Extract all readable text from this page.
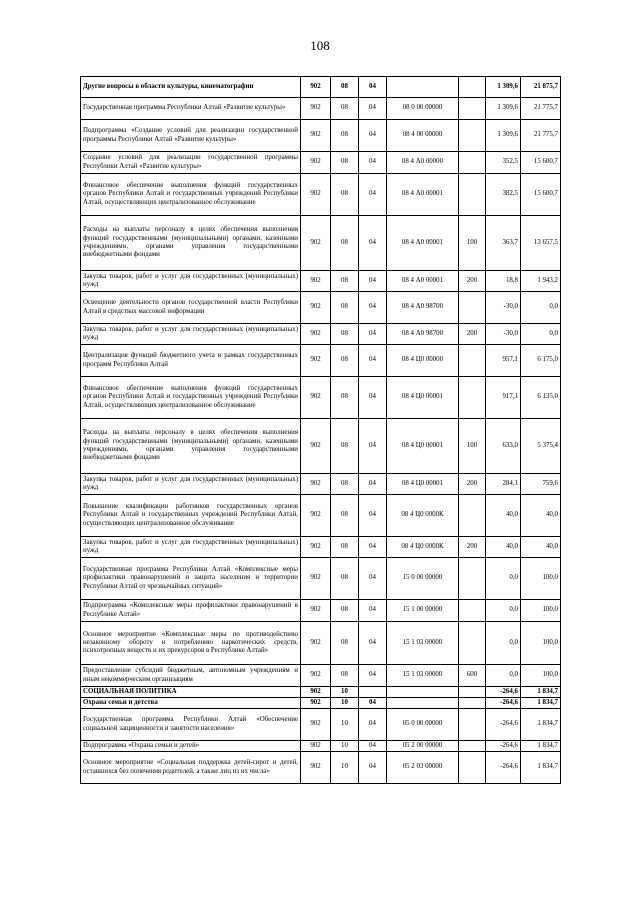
108
Другие вопросы в области культуры, кинематографии	902	08	04			1 309,6	21 875,7
Государственная программа Республики Алтай «Развитие культуры»	902	08	04	08 0 00 00000		1 309,6	21 775,7
Подпрограмма «Создание условий для реализации государственной программы Республики Алтай «Развитие культуры»	902	08	04	08 4 00 00000		1 309,6	21 775,7
Создание условий для реализации государственной программы Республики Алтай «Развитие культуры»	902	08	04	08 4 А0 00000		352,5	15 600,7
Финансовое обеспечение выполнения функций государственных органов Республики Алтай и государственных учреждений Республики Алтай, осуществляющих централизованное обслуживание	902	08	04	08 4 А0 00001		382,5	15 600,7
Расходы на выплаты персоналу в целях обеспечения выполнения функций государственными (муниципальными) органами, казенными учреждениями, органами управления государственными внебюджетными фондами	902	08	04	08 4 А0 00001	100	363,7	13 657,5
Закупка товаров, работ и услуг для государственных (муниципальных) нужд	902	08	04	08 4 А0 00001	200	18,8	1 943,2
Освещение деятельности органов государственной власти Республики Алтай в средствах массовой информации	902	08	04	08 4 А0 98700		-30,0	0,0
Закупка товаров, работ и услуг для государственных (муниципальных) нужд	902	08	04	08 4 А0 98700	200	-30,0	0,0
Централизация функций бюджетного учета в рамках государственных программ Республики Алтай	902	08	04	08 4 Ц0 00000		957,1	6 175,0
Финансовое обеспечение выполнения функций государственных органов Республики Алтай и государственных учреждений Республики Алтай, осуществляющих централизованное обслуживание	902	08	04	08 4 Ц0 00001		917,1	6 135,0
Расходы на выплаты персоналу в целях обеспечения выполнения функций государственными (муниципальными) органами, казенными учреждениями, органами управления государственными внебюджетными фондами	902	08	04	08 4 Ц0 00001	100	633,0	5 375,4
Закупка товаров, работ и услуг для государственных (муниципальных) нужд	902	08	04	08 4 Ц0 00001	200	284,1	759,6
Повышение квалификации работников государственных органов Республики Алтай и государственных учреждений Республики Алтай, осуществляющих централизованное обслуживание	902	08	04	08 4 Ц0 0000К		40,0	40,0
Закупка товаров, работ и услуг для государственных (муниципальных) нужд	902	08	04	08 4 Ц0 0000К	200	40,0	40,0
Государственная программа Республики Алтай «Комплексные меры профилактики правонарушений и защита населения и территории Республики Алтай от чрезвычайных ситуаций»	902	08	04	15 0 00 00000		0,0	100,0
Подпрограмма «Комплексные меры профилактики правонарушений в Республике Алтай»	902	08	04	15 1 00 00000		0,0	100,0
Основное мероприятие «Комплексные меры по противодействию незаконному обороту и потреблению наркотических средств, психотропных веществ и их прекурсоров в Республике Алтай»	902	08	04	15 1 03 00000		0,0	100,0
Предоставление субсидий бюджетным, автономным учреждениям и иным некоммерческим организациям	902	08	04	15 1 03 00000	600	0,0	100,0
СОЦИАЛЬНАЯ ПОЛИТИКА	902	10				-264,6	1 834,7
Охрана семьи и детства	902	10	04			-264,6	1 834,7
Государственная программа Республики Алтай «Обеспечение социальной защищенности и занятости населения»	902	10	04	05 0 00 00000		-264,6	1 834,7
Подпрограмма «Охрана семьи и детей»	902	10	04	05 2 00 00000		-264,6	1 834,7
Основное мероприятие «Социальная поддержка детей-сирот и детей, оставшихся без попечения родителей, а также лиц из их числа»	902	10	04	05 2 03 00000		-264,6	1 834,7
